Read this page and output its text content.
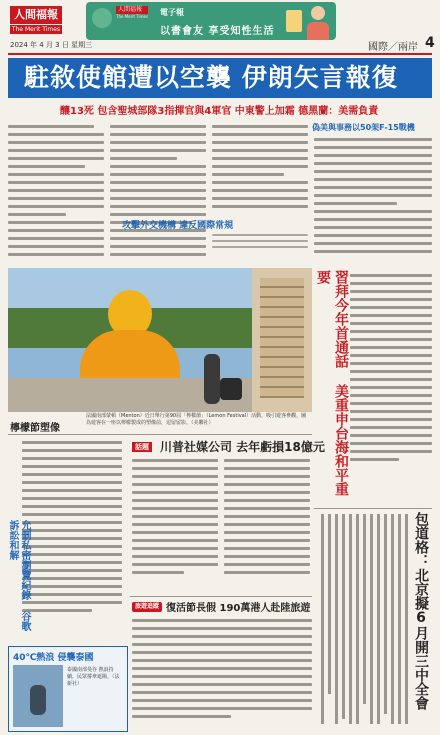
人間福報
The Merit Times
2024 年 4 月 3 日 星期三
人間福報
The Merit Times 電子報
以書會友 享受知性生活
國際／兩岸 4
駐敘使館遭以空襲 伊朗矢言報復
釀13死 包含聖城部隊3指揮官與4軍官 中東警上加霜 德黑蘭：美需負責
攻擊外交機構 違反國際常規
偽美與事務以50架F-15戰機
檸檬節塑像
法國南部蒙頓（Menton）近日舉行第90屆「檸檬節」（Lemon Festival）活動，吸引遊客參觀，圖為遊客在一座以檸檬製成的塑像前，逗留留影。（美聯社）	習拜今年首通話 美重申台海和平重要
允刪私密瀏覽紀錄 谷歌訴訟和解
話題 川普社媒公司 去年虧損18億元
旅遊追蹤 復活節長假 190萬港人赴陸旅遊
40℃熱浪 侵襲泰國
泰國南部曼谷 熱浪持續，民眾撐傘遮陽。（法新社）	包道格：北京擬6月開三中全會
